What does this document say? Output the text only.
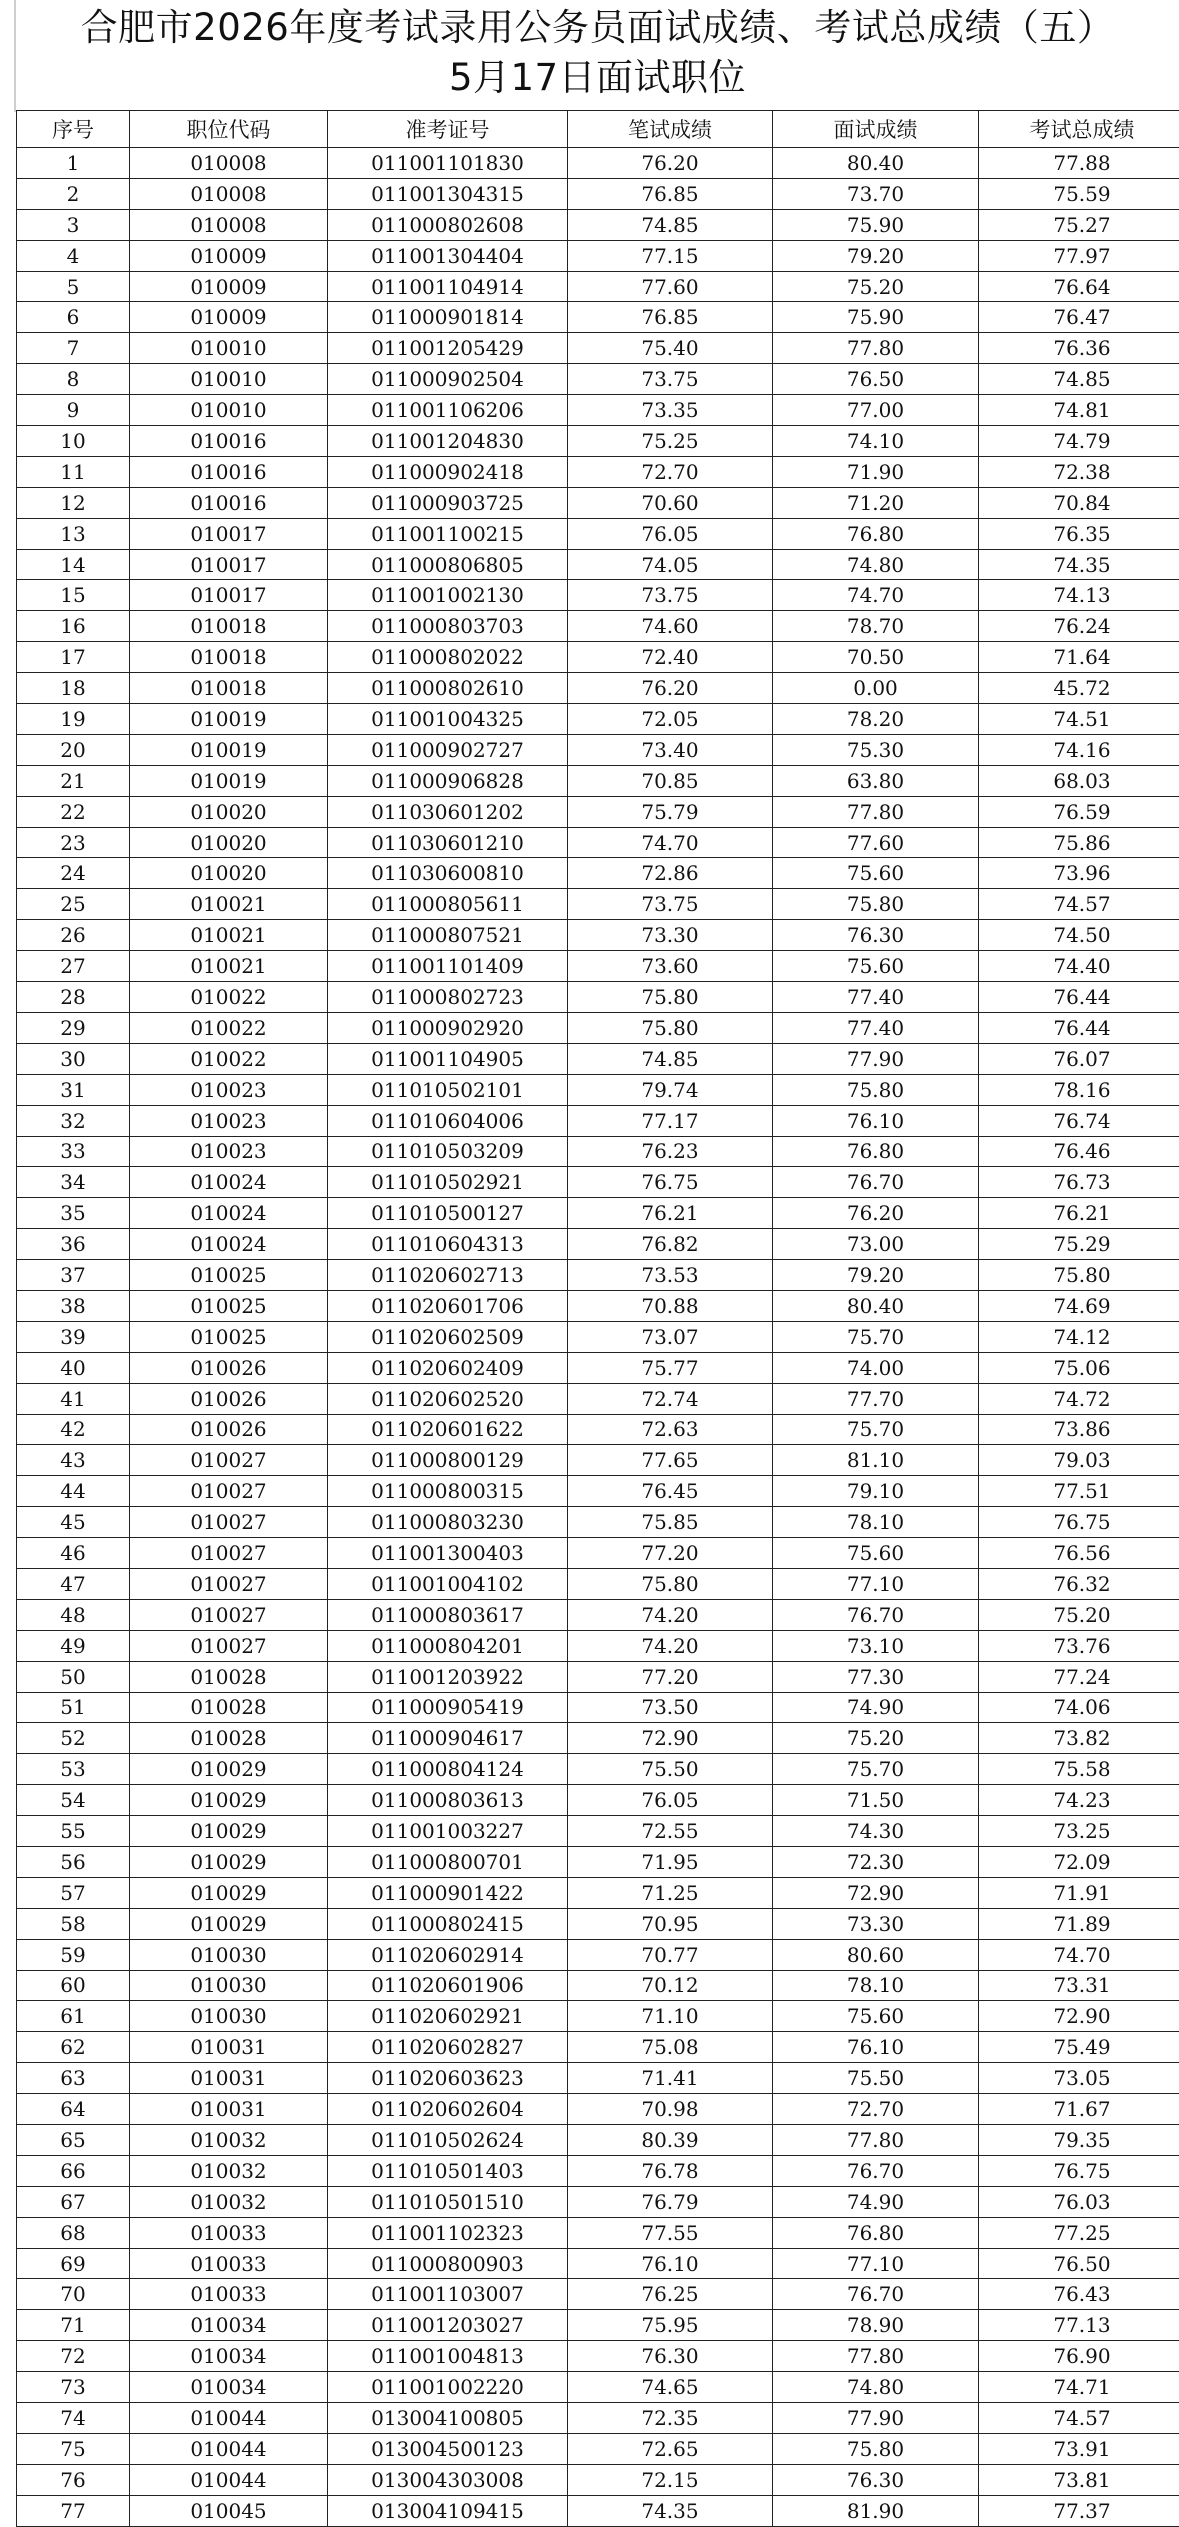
合肥市2026年度考试录用公务员面试成绩、考试总成绩（五）
5月17日面试职位
序号	职位代码	准考证号	笔试成绩	面试成绩	考试总成绩
1	010008	011001101830	76.20	80.40	77.88
2	010008	011001304315	76.85	73.70	75.59
3	010008	011000802608	74.85	75.90	75.27
4	010009	011001304404	77.15	79.20	77.97
5	010009	011001104914	77.60	75.20	76.64
6	010009	011000901814	76.85	75.90	76.47
7	010010	011001205429	75.40	77.80	76.36
8	010010	011000902504	73.75	76.50	74.85
9	010010	011001106206	73.35	77.00	74.81
10	010016	011001204830	75.25	74.10	74.79
11	010016	011000902418	72.70	71.90	72.38
12	010016	011000903725	70.60	71.20	70.84
13	010017	011001100215	76.05	76.80	76.35
14	010017	011000806805	74.05	74.80	74.35
15	010017	011001002130	73.75	74.70	74.13
16	010018	011000803703	74.60	78.70	76.24
17	010018	011000802022	72.40	70.50	71.64
18	010018	011000802610	76.20	0.00	45.72
19	010019	011001004325	72.05	78.20	74.51
20	010019	011000902727	73.40	75.30	74.16
21	010019	011000906828	70.85	63.80	68.03
22	010020	011030601202	75.79	77.80	76.59
23	010020	011030601210	74.70	77.60	75.86
24	010020	011030600810	72.86	75.60	73.96
25	010021	011000805611	73.75	75.80	74.57
26	010021	011000807521	73.30	76.30	74.50
27	010021	011001101409	73.60	75.60	74.40
28	010022	011000802723	75.80	77.40	76.44
29	010022	011000902920	75.80	77.40	76.44
30	010022	011001104905	74.85	77.90	76.07
31	010023	011010502101	79.74	75.80	78.16
32	010023	011010604006	77.17	76.10	76.74
33	010023	011010503209	76.23	76.80	76.46
34	010024	011010502921	76.75	76.70	76.73
35	010024	011010500127	76.21	76.20	76.21
36	010024	011010604313	76.82	73.00	75.29
37	010025	011020602713	73.53	79.20	75.80
38	010025	011020601706	70.88	80.40	74.69
39	010025	011020602509	73.07	75.70	74.12
40	010026	011020602409	75.77	74.00	75.06
41	010026	011020602520	72.74	77.70	74.72
42	010026	011020601622	72.63	75.70	73.86
43	010027	011000800129	77.65	81.10	79.03
44	010027	011000800315	76.45	79.10	77.51
45	010027	011000803230	75.85	78.10	76.75
46	010027	011001300403	77.20	75.60	76.56
47	010027	011001004102	75.80	77.10	76.32
48	010027	011000803617	74.20	76.70	75.20
49	010027	011000804201	74.20	73.10	73.76
50	010028	011001203922	77.20	77.30	77.24
51	010028	011000905419	73.50	74.90	74.06
52	010028	011000904617	72.90	75.20	73.82
53	010029	011000804124	75.50	75.70	75.58
54	010029	011000803613	76.05	71.50	74.23
55	010029	011001003227	72.55	74.30	73.25
56	010029	011000800701	71.95	72.30	72.09
57	010029	011000901422	71.25	72.90	71.91
58	010029	011000802415	70.95	73.30	71.89
59	010030	011020602914	70.77	80.60	74.70
60	010030	011020601906	70.12	78.10	73.31
61	010030	011020602921	71.10	75.60	72.90
62	010031	011020602827	75.08	76.10	75.49
63	010031	011020603623	71.41	75.50	73.05
64	010031	011020602604	70.98	72.70	71.67
65	010032	011010502624	80.39	77.80	79.35
66	010032	011010501403	76.78	76.70	76.75
67	010032	011010501510	76.79	74.90	76.03
68	010033	011001102323	77.55	76.80	77.25
69	010033	011000800903	76.10	77.10	76.50
70	010033	011001103007	76.25	76.70	76.43
71	010034	011001203027	75.95	78.90	77.13
72	010034	011001004813	76.30	77.80	76.90
73	010034	011001002220	74.65	74.80	74.71
74	010044	013004100805	72.35	77.90	74.57
75	010044	013004500123	72.65	75.80	73.91
76	010044	013004303008	72.15	76.30	73.81
77	010045	013004109415	74.35	81.90	77.37
